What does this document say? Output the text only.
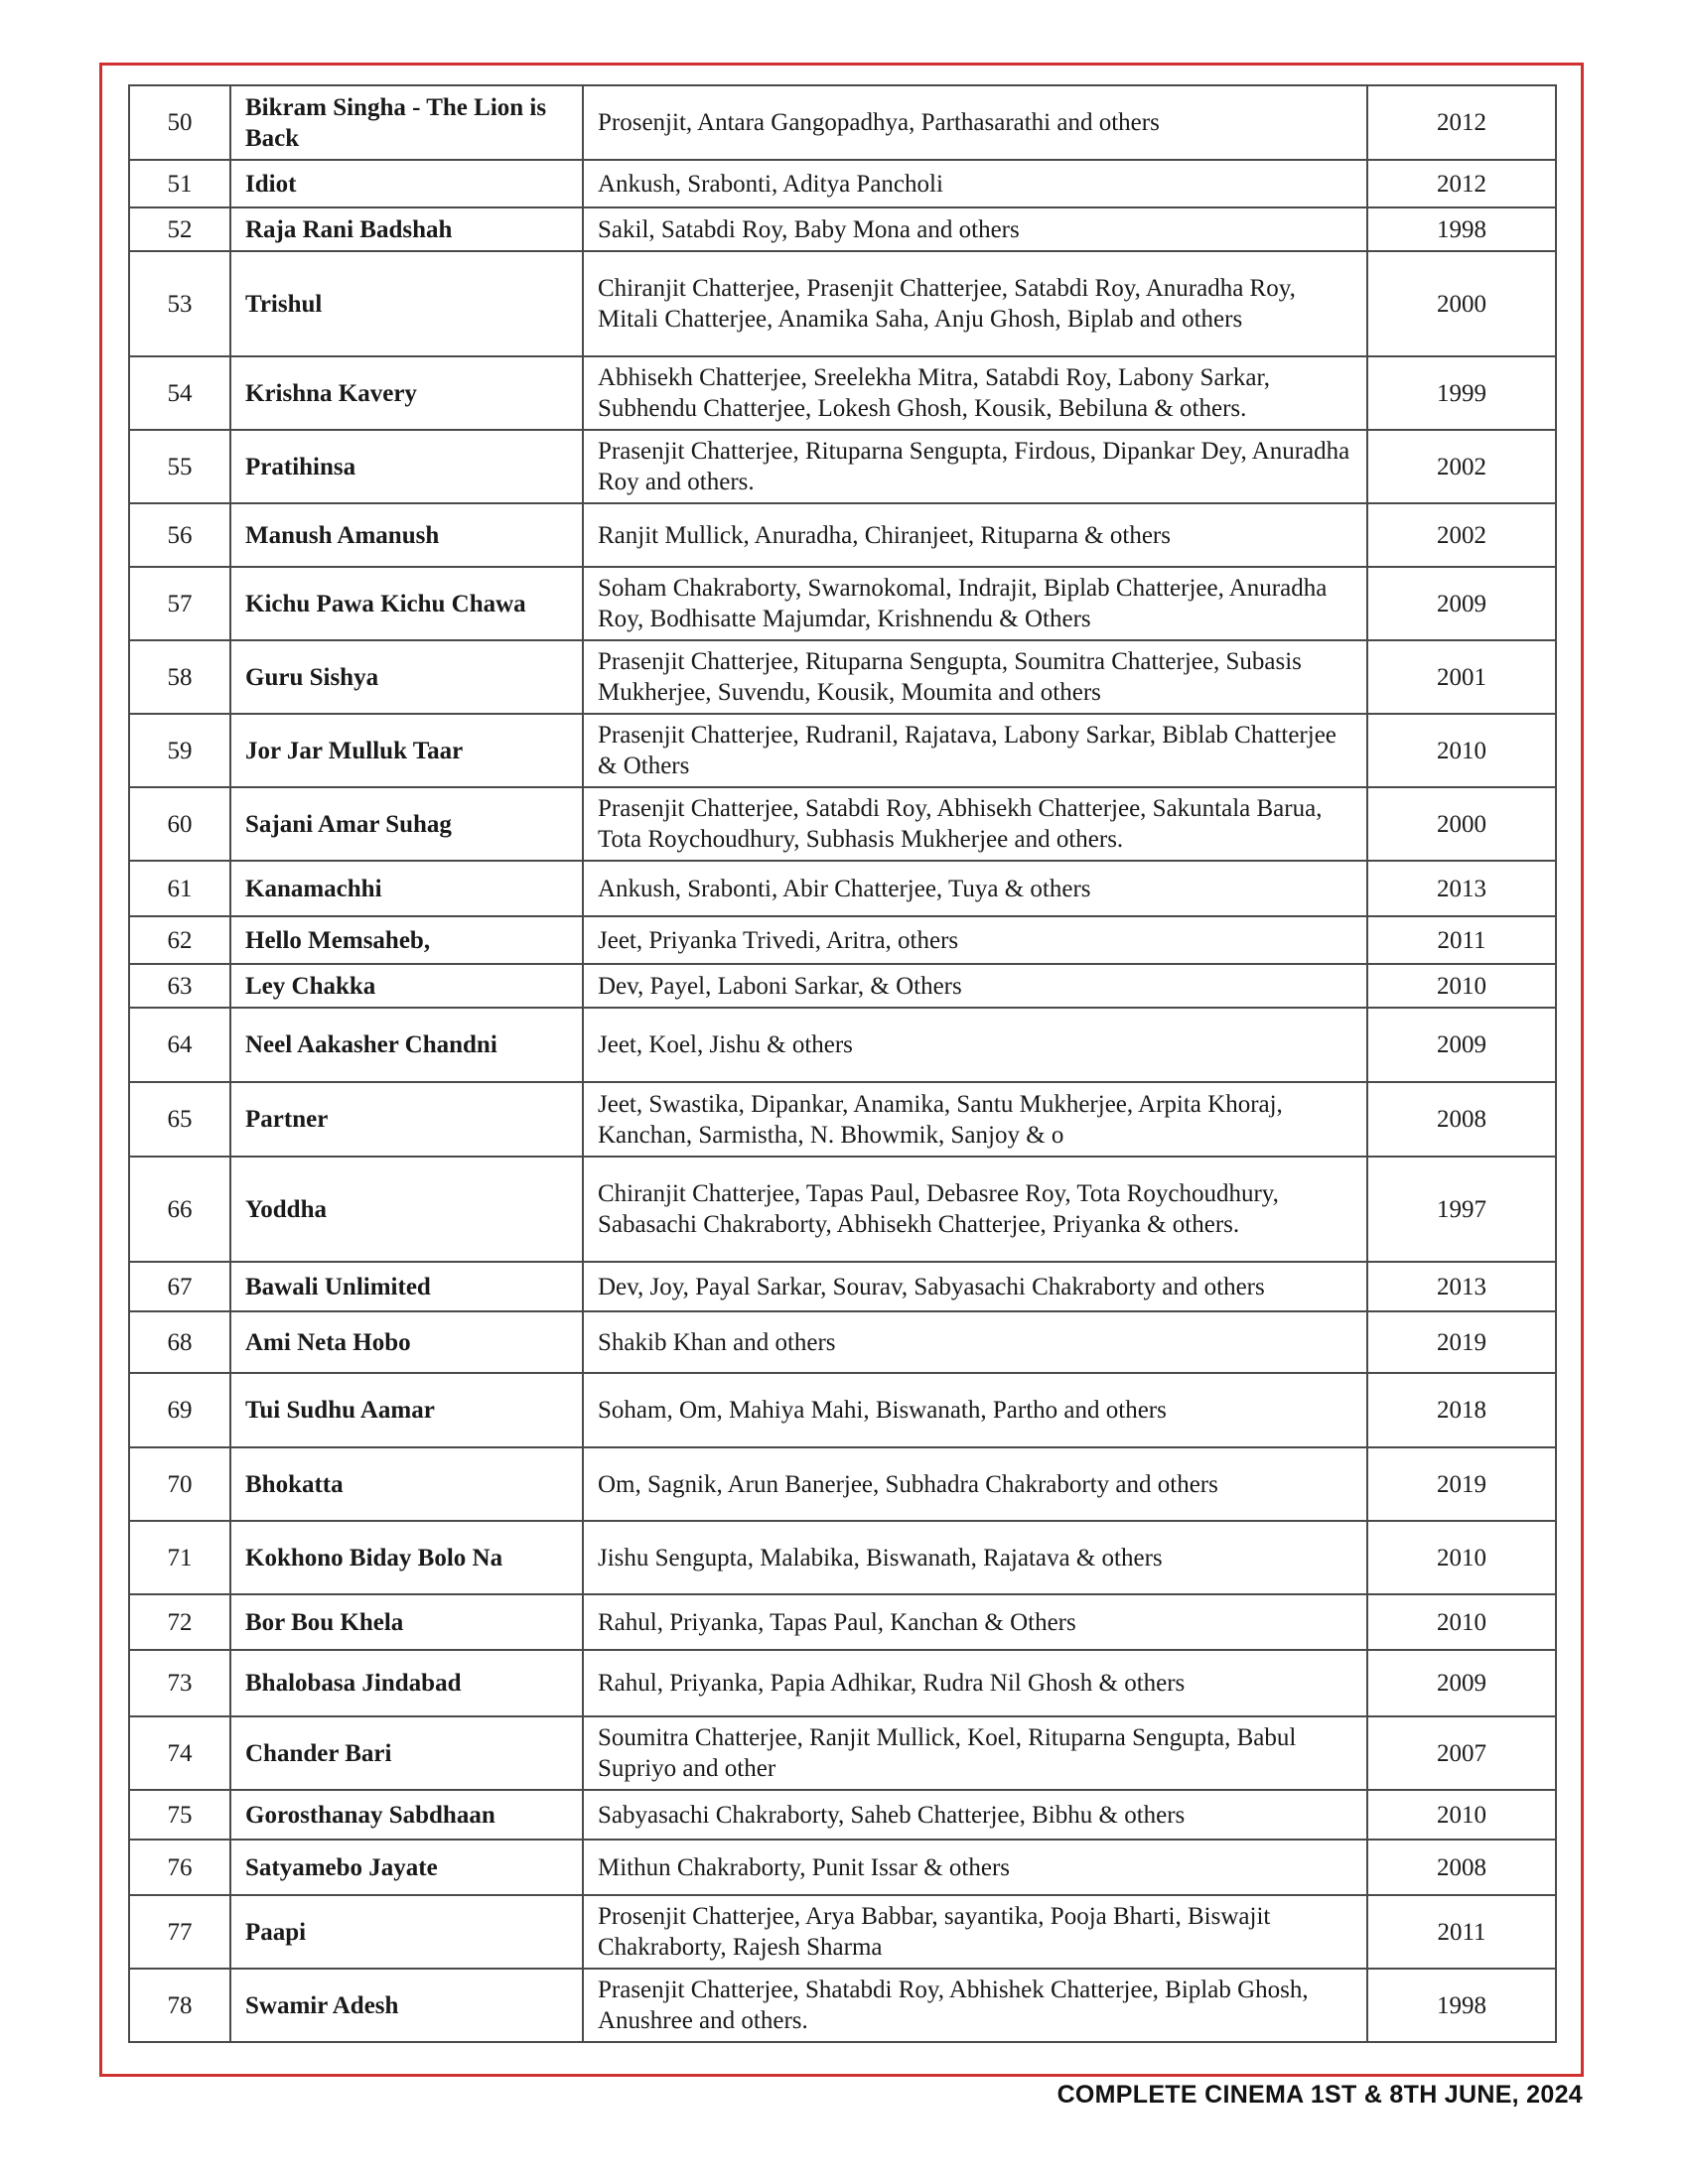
50	Bikram Singha - The Lion is Back	Prosenjit, Antara Gangopadhya, Parthasarathi and others	2012
51	Idiot	Ankush, Srabonti, Aditya Pancholi	2012
52	Raja Rani Badshah	Sakil, Satabdi Roy, Baby Mona and others	1998
53	Trishul	Chiranjit Chatterjee, Prasenjit Chatterjee, Satabdi Roy, Anuradha Roy, Mitali Chatterjee, Anamika Saha, Anju Ghosh, Biplab and others	2000
54	Krishna Kavery	Abhisekh Chatterjee, Sreelekha Mitra, Satabdi Roy, Labony Sarkar, Subhendu Chatterjee, Lokesh Ghosh, Kousik, Bebiluna & others.	1999
55	Pratihinsa	Prasenjit Chatterjee, Rituparna Sengupta, Firdous, Dipankar Dey, Anuradha Roy and others.	2002
56	Manush Amanush	Ranjit Mullick, Anuradha, Chiranjeet, Rituparna & others	2002
57	Kichu Pawa Kichu Chawa	Soham Chakraborty, Swarnokomal, Indrajit, Biplab Chatterjee, Anuradha Roy, Bodhisatte Majumdar, Krishnendu & Others	2009
58	Guru Sishya	Prasenjit Chatterjee, Rituparna Sengupta, Soumitra Chatterjee, Subasis Mukherjee, Suvendu, Kousik, Moumita and others	2001
59	Jor Jar Mulluk Taar	Prasenjit Chatterjee, Rudranil, Rajatava, Labony Sarkar, Biblab Chatterjee & Others	2010
60	Sajani Amar Suhag	Prasenjit Chatterjee, Satabdi Roy, Abhisekh Chatterjee, Sakuntala Barua, Tota Roychoudhury, Subhasis Mukherjee and others.	2000
61	Kanamachhi	Ankush, Srabonti, Abir Chatterjee, Tuya & others	2013
62	Hello Memsaheb,	Jeet, Priyanka Trivedi, Aritra, others	2011
63	Ley Chakka	Dev, Payel, Laboni Sarkar, & Others	2010
64	Neel Aakasher Chandni	Jeet, Koel, Jishu & others	2009
65	Partner	Jeet, Swastika, Dipankar, Anamika, Santu Mukherjee, Arpita Khoraj, Kanchan, Sarmistha, N. Bhowmik, Sanjoy & o	2008
66	Yoddha	Chiranjit Chatterjee, Tapas Paul, Debasree Roy, Tota Roychoudhury, Sabasachi Chakraborty, Abhisekh Chatterjee, Priyanka & others.	1997
67	Bawali Unlimited	Dev, Joy, Payal Sarkar, Sourav, Sabyasachi Chakraborty and others	2013
68	Ami Neta Hobo	Shakib Khan and others	2019
69	Tui Sudhu Aamar	Soham, Om, Mahiya Mahi, Biswanath, Partho and others	2018
70	Bhokatta	Om, Sagnik, Arun Banerjee, Subhadra Chakraborty and others	2019
71	Kokhono Biday Bolo Na	Jishu Sengupta, Malabika, Biswanath, Rajatava & others	2010
72	Bor Bou Khela	Rahul, Priyanka, Tapas Paul, Kanchan & Others	2010
73	Bhalobasa Jindabad	Rahul, Priyanka, Papia Adhikar, Rudra Nil Ghosh & others	2009
74	Chander Bari	Soumitra Chatterjee, Ranjit Mullick, Koel, Rituparna Sengupta, Babul Supriyo and other	2007
75	Gorosthanay Sabdhaan	Sabyasachi Chakraborty, Saheb Chatterjee, Bibhu & others	2010
76	Satyamebo Jayate	Mithun Chakraborty, Punit Issar & others	2008
77	Paapi	Prosenjit Chatterjee, Arya Babbar, sayantika, Pooja Bharti, Biswajit Chakraborty, Rajesh Sharma	2011
78	Swamir Adesh	Prasenjit Chatterjee, Shatabdi Roy, Abhishek Chatterjee, Biplab Ghosh, Anushree and others.	1998
COMPLETE CINEMA 1ST & 8TH JUNE, 2024
